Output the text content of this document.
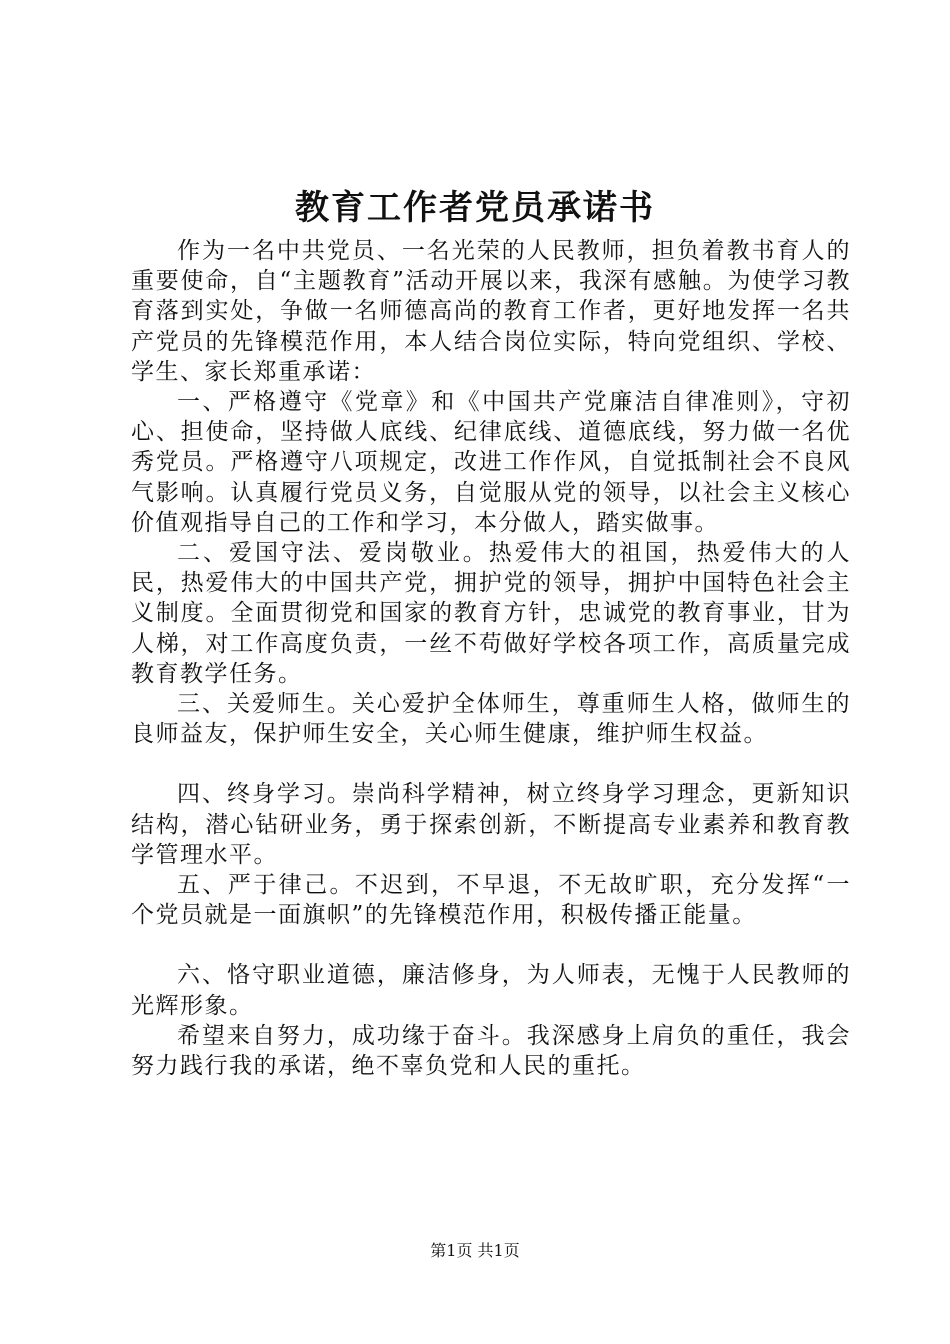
教育工作者党员承诺书

作为一名中共党员、一名光荣的人民教师，担负着教书育人的重要使命，自“主题教育”活动开展以来，我深有感触。为使学习教育落到实处，争做一名师德高尚的教育工作者，更好地发挥一名共产党员的先锋模范作用，本人结合岗位实际，特向党组织、学校、学生、家长郑重承诺：

一、严格遵守《党章》和《中国共产党廉洁自律准则》，守初心、担使命，坚持做人底线、纪律底线、道德底线，努力做一名优秀党员。严格遵守八项规定，改进工作作风，自觉抵制社会不良风气影响。认真履行党员义务，自觉服从党的领导，以社会主义核心价值观指导自己的工作和学习，本分做人，踏实做事。

二、爱国守法、爱岗敬业。热爱伟大的祖国，热爱伟大的人民，热爱伟大的中国共产党，拥护党的领导，拥护中国特色社会主义制度。全面贯彻党和国家的教育方针，忠诚党的教育事业，甘为人梯，对工作高度负责，一丝不苟做好学校各项工作，高质量完成教育教学任务。

三、关爱师生。关心爱护全体师生，尊重师生人格，做师生的良师益友，保护师生安全，关心师生健康，维护师生权益。

四、终身学习。崇尚科学精神，树立终身学习理念，更新知识结构，潜心钻研业务，勇于探索创新，不断提高专业素养和教育教学管理水平。

五、严于律己。不迟到，不早退，不无故旷职，充分发挥“一个党员就是一面旗帜”的先锋模范作用，积极传播正能量。

六、恪守职业道德，廉洁修身，为人师表，无愧于人民教师的光辉形象。

希望来自努力，成功缘于奋斗。我深感身上肩负的重任，我会努力践行我的承诺，绝不辜负党和人民的重托。

第1页 共1页
